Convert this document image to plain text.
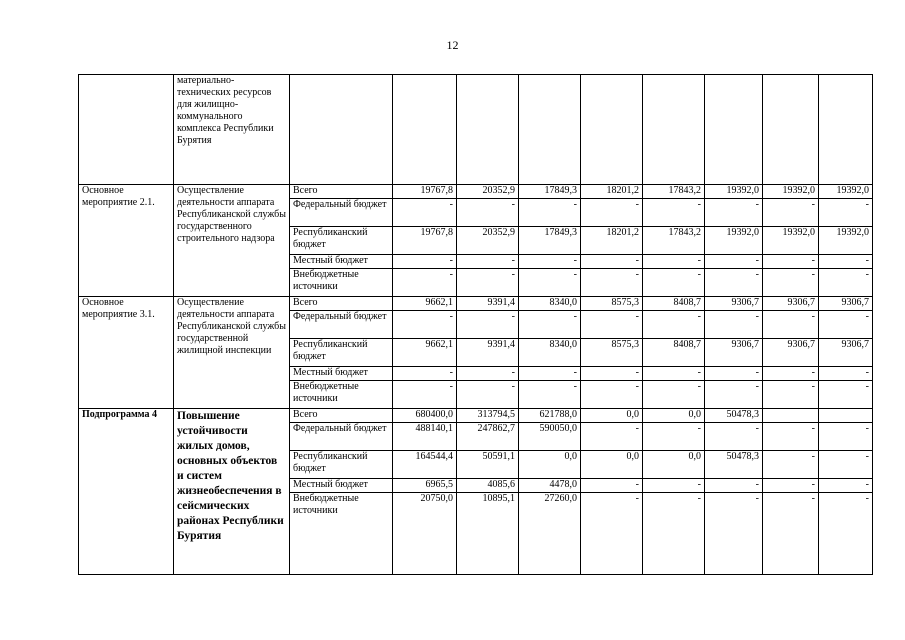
12
	материально-технических ресурсов для жилищно-коммунального комплекса Республики Бурятия									
Основное мероприятие 2.1.	Осуществление деятельности аппарата Республиканской службы государственного строительного надзора	Всего	19767,8	20352,9	17849,3	18201,2	17843,2	19392,0	19392,0	19392,0
		Федеральный бюджет	-	-	-	-	-	-	-	-
		Республиканский бюджет	19767,8	20352,9	17849,3	18201,2	17843,2	19392,0	19392,0	19392,0
		Местный бюджет	-	-	-	-	-	-	-	-
		Внебюджетные источники	-	-	-	-	-	-	-	-
Основное мероприятие 3.1.	Осуществление деятельности аппарата Республиканской службы государственной жилищной инспекции	Всего	9662,1	9391,4	8340,0	8575,3	8408,7	9306,7	9306,7	9306,7
		Федеральный бюджет	-	-	-	-	-	-	-	-
		Республиканский бюджет	9662,1	9391,4	8340,0	8575,3	8408,7	9306,7	9306,7	9306,7
		Местный бюджет	-	-	-	-	-	-	-	-
		Внебюджетные источники	-	-	-	-	-	-	-	-
Подпрограмма 4	Повышение устойчивости жилых домов, основных объектов и систем жизнеобеспечения в сейсмических районах Республики Бурятия	Всего	680400,0	313794,5	621788,0	0,0	0,0	50478,3		
		Федеральный бюджет	488140,1	247862,7	590050,0	-	-	-	-	-
		Республиканский бюджет	164544,4	50591,1	0,0	0,0	0,0	50478,3	-	-
		Местный бюджет	6965,5	4085,6	4478,0	-	-	-	-	-
		Внебюджетные источники	20750,0	10895,1	27260,0	-	-	-	-	-
